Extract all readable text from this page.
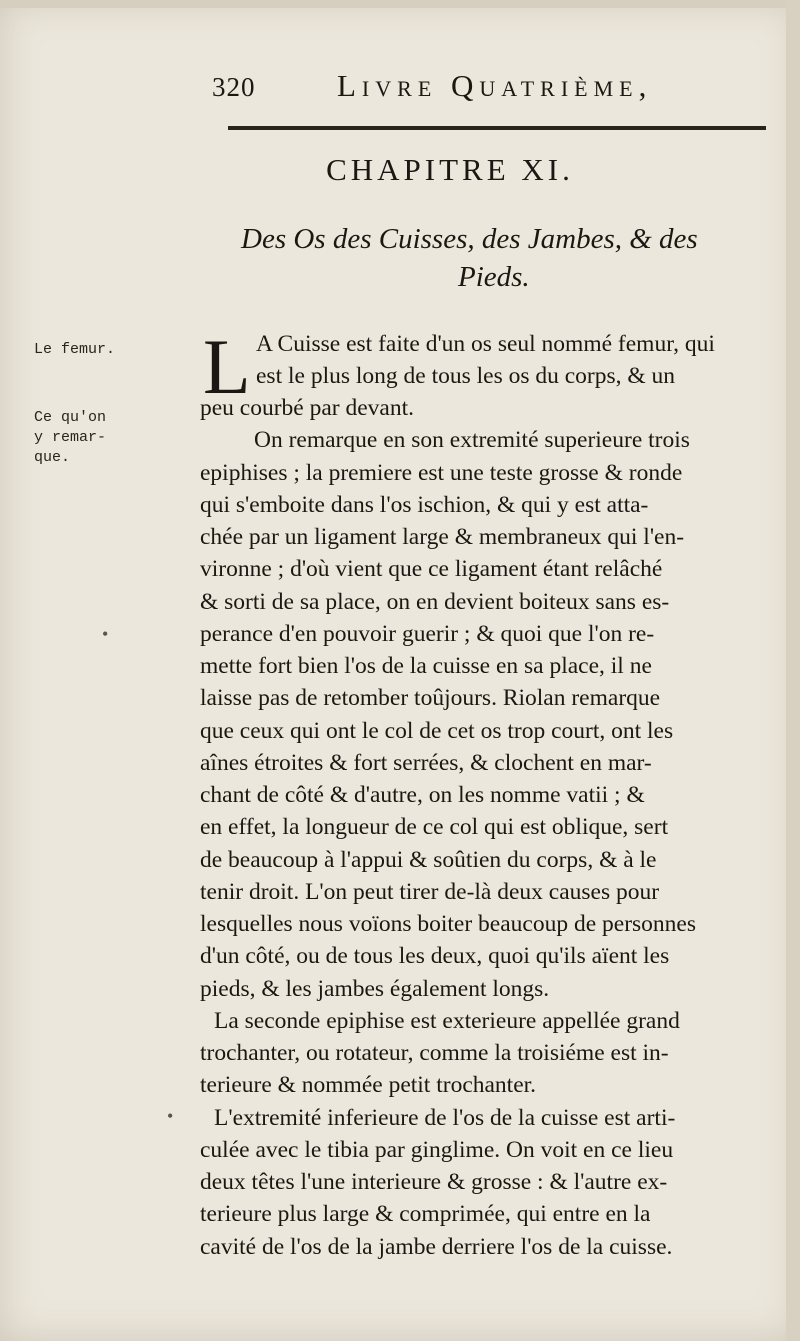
320	Livre Quatrième,
CHAPITRE XI.
Des Os des Cuisses, des Jambes, & des
Pieds.
Le femur.
Ce qu'on
y remar-
que.
•
•
L A Cuisse est faite d'un os seul nommé femur, qui
est le plus long de tous les os du corps, & un
peu courbé par devant.
On remarque en son extremité superieure trois
epiphises ; la premiere est une teste grosse & ronde
qui s'emboite dans l'os ischion, & qui y est atta-
chée par un ligament large & membraneux qui l'en-
vironne ; d'où vient que ce ligament étant relâché
& sorti de sa place, on en devient boiteux sans es-
perance d'en pouvoir guerir ; & quoi que l'on re-
mette fort bien l'os de la cuisse en sa place, il ne
laisse pas de retomber toûjours. Riolan remarque
que ceux qui ont le col de cet os trop court, ont les
aînes étroites & fort serrées, & clochent en mar-
chant de côté & d'autre, on les nomme vatii ; &
en effet, la longueur de ce col qui est oblique, sert
de beaucoup à l'appui & soûtien du corps, & à le
tenir droit. L'on peut tirer de-là deux causes pour
lesquelles nous voïons boiter beaucoup de personnes
d'un côté, ou de tous les deux, quoi qu'ils aïent les
pieds, & les jambes également longs.
La seconde epiphise est exterieure appellée grand
trochanter, ou rotateur, comme la troisiéme est in-
terieure & nommée petit trochanter.
L'extremité inferieure de l'os de la cuisse est arti-
culée avec le tibia par ginglime. On voit en ce lieu
deux têtes l'une interieure & grosse : & l'autre ex-
terieure plus large & comprimée, qui entre en la
cavité de l'os de la jambe derriere l'os de la cuisse.
